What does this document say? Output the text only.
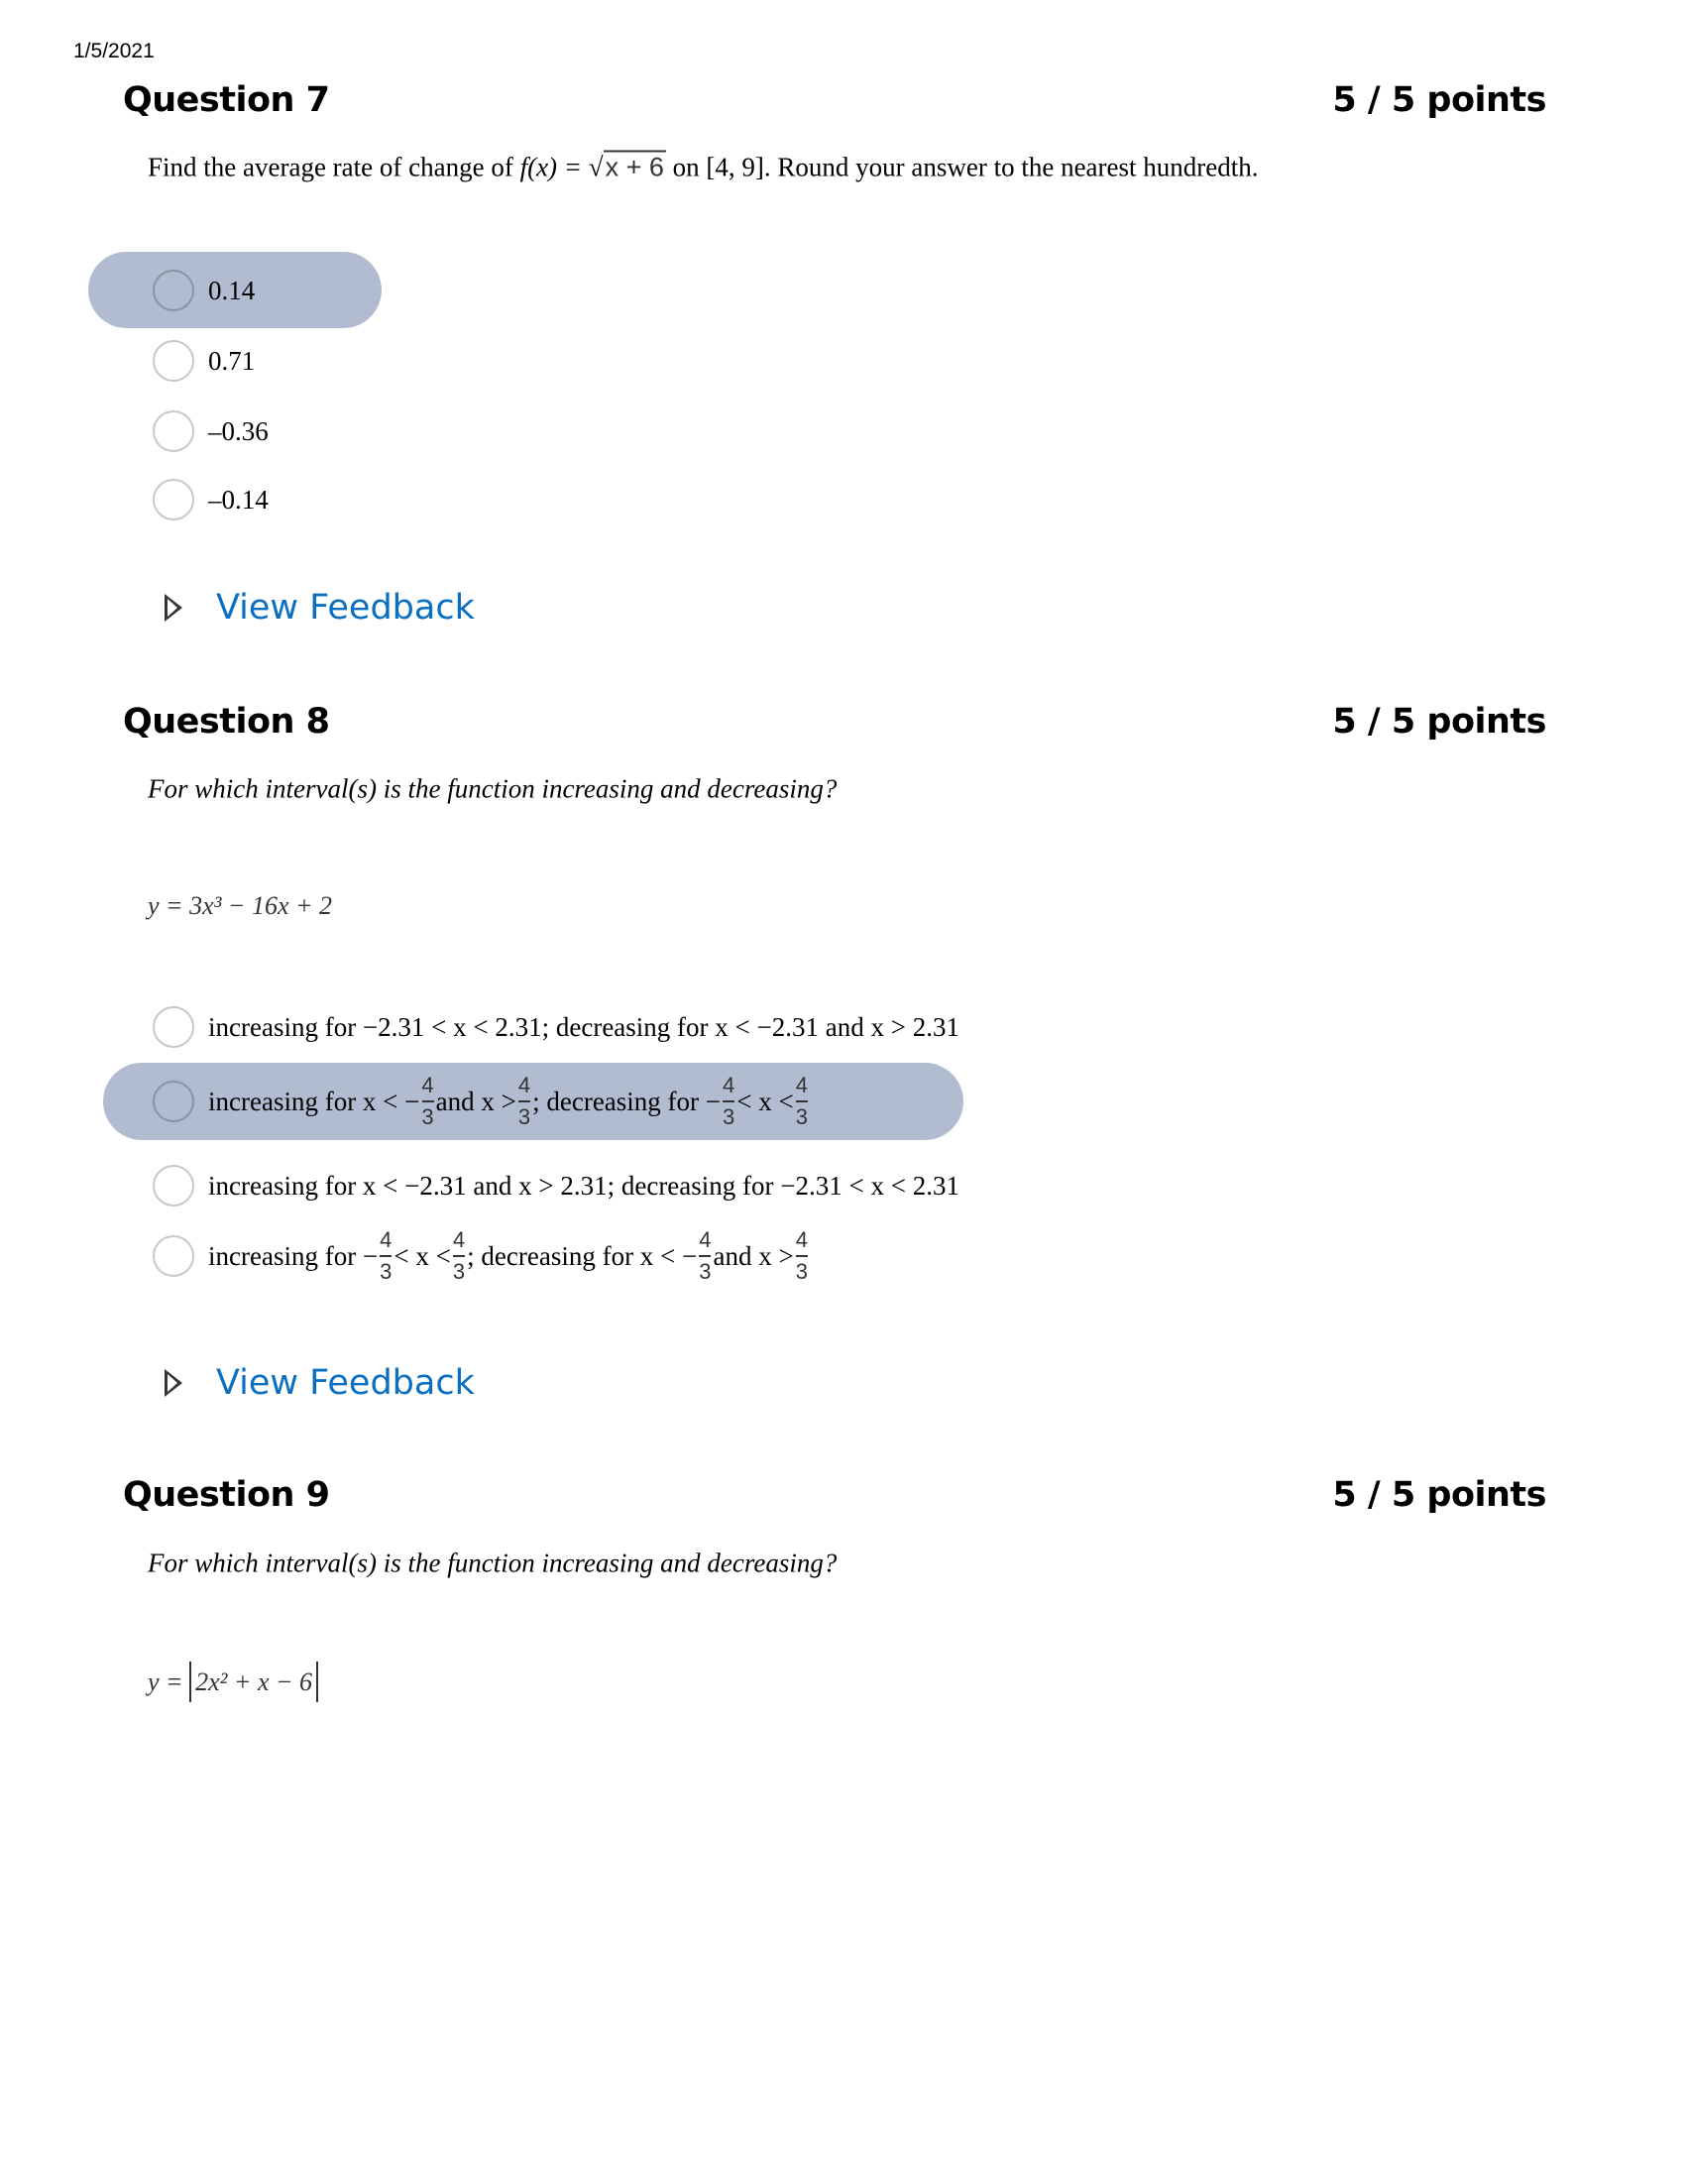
1/5/2021
Question 7	5 / 5 points
Find the average rate of change of f(x) = √x + 6 on [4, 9]. Round your answer to the nearest hundredth.
0.14
0.71
–0.36
–0.14
View Feedback
Question 8	5 / 5 points
For which interval(s) is the function increasing and decreasing?
y = 3x³ − 16x + 2
increasing for −2.31 < x < 2.31; decreasing for x < −2.31 and x > 2.31
increasing for x < −
4
3
and x >
4
3
; decreasing for −
4
3
< x <
4
3
increasing for x < −2.31 and x > 2.31; decreasing for −2.31 < x < 2.31
increasing for −
4
3
< x <
4
3
; decreasing for x < −
4
3
and x >
4
3
View Feedback
Question 9	5 / 5 points
For which interval(s) is the function increasing and decreasing?
y = 2x² + x − 6
